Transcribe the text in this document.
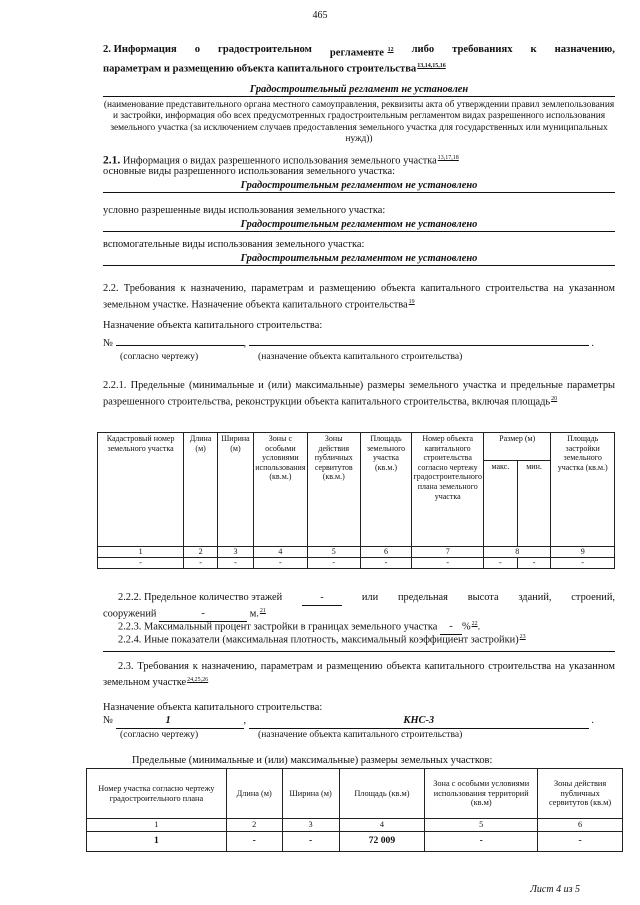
465
2. Информация о градостроительном регламенте $^{12}$ либо требованиях к назначению,
параметрам и размещению объекта капитального строительства$^{13,14,15,16}$
Градостроительный регламент не установлен
(наименование представительного органа местного самоуправления, реквизиты акта об утверждении правил землепользования и застройки, информация обо всех предусмотренных градостроительным регламентом видах разрешенного использования земельного участка (за исключением случаев предоставления земельного участка для государственных или муниципальных нужд))
2.1. Информация о видах разрешенного использования земельного участка$^{13,17,18}$
основные виды разрешенного использования земельного участка:
Градостроительным регламентом не установлено
условно разрешенные виды использования земельного участка:
Градостроительным регламентом не установлено
вспомогательные виды использования земельного участка:
Градостроительным регламентом не установлено
2.2. Требования к назначению, параметрам и размещению объекта капитального строительства на указанном земельном участке. Назначение объекта капитального строительства$^{19}$
Назначение объекта капитального строительства:
№	,	.
(согласно чертежу)	(назначение объекта капитального строительства)
2.2.1. Предельные (минимальные и (или) максимальные) размеры земельного участка и предельные параметры разрешенного строительства, реконструкции объекта капитального строительства, включая площадь$^{20}$
Кадастровый номер земельного участка	Длина (м)	Ширина (м)	Зоны с особыми условиями использования (кв.м.)	Зоны действия публичных сервитутов (кв.м.)	Площадь земельного участка (кв.м.)	Номер объекта капитального строительства согласно чертежу градостроительного плана земельного участка	Размер (м)		Площадь застройки земельного участка (кв.м.)
							макс.	мин.	
1	2	3	4	5	6	7	8		9
-	-	-	-	-	-	-	-	-	-
2.2.2. Предельное количество этажей	-	или предельная высота зданий, строений,
сооружений	-	м.$^{21}$
2.2.3. Максимальный процент застройки в границах земельного участка - %$^{22}$.
2.2.4. Иные показатели (максимальная плотность, максимальный коэффициент застройки)$^{23}$
2.3. Требования к назначению, параметрам и размещению объекта капитального строительства на указанном земельном участке$^{24,25,26}$
Назначение объекта капитального строительства:
№	1	,	КНС-3	.
(согласно чертежу)	(назначение объекта капитального строительства)
Предельные (минимальные и (или) максимальные) размеры земельных участков:
Номер участка согласно чертежу градостроительного плана	Длина (м)	Ширина (м)	Площадь (кв.м)	Зона с особыми условиями использования территорий (кв.м)	Зоны действия публичных сервитутов (кв.м)
1	2	3	4	5	6
1	-	-	72 009	-	-
Лист 4 из 5
